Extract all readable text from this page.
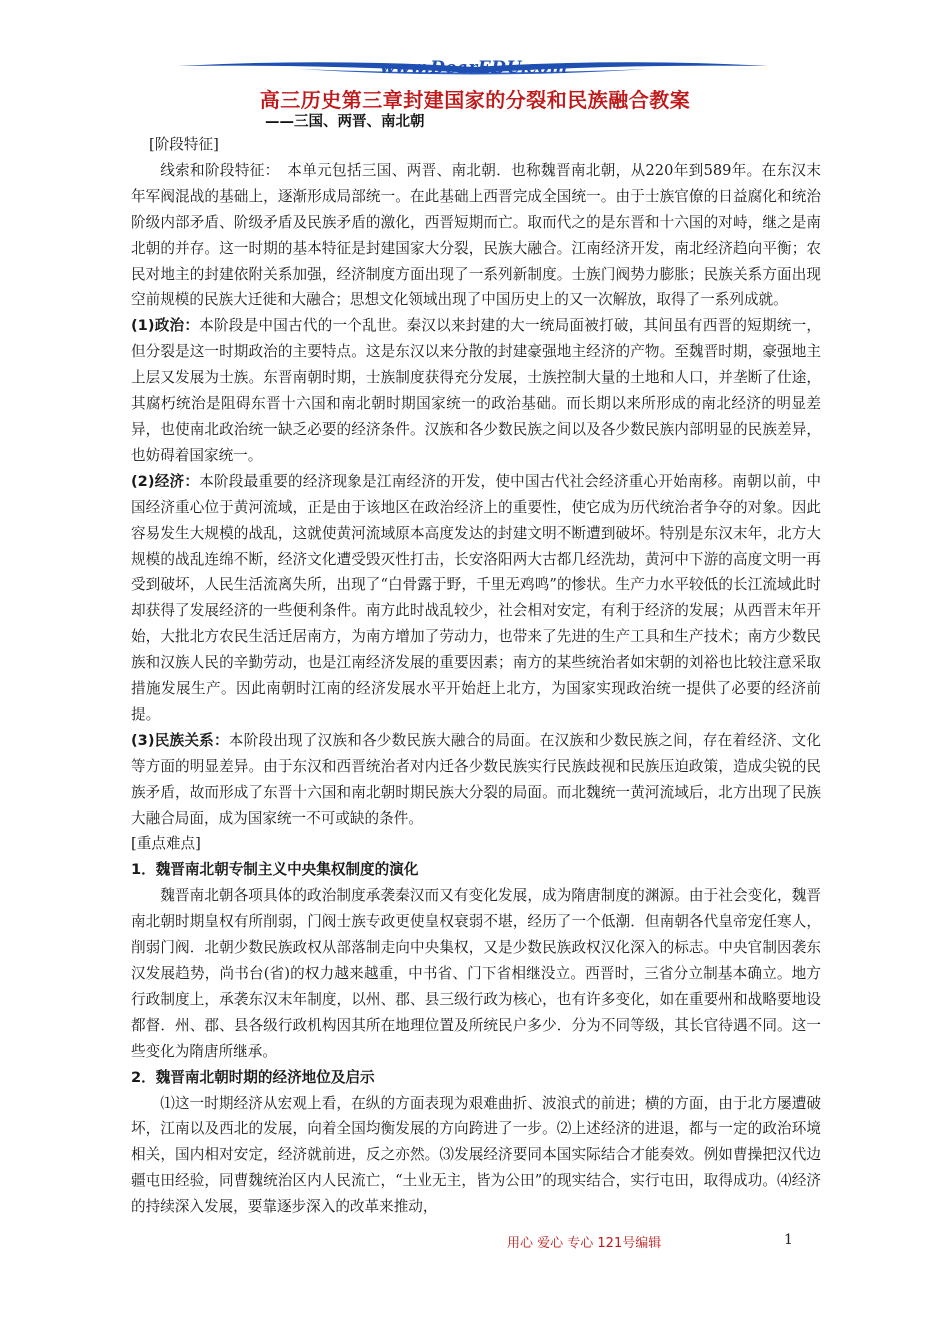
www.DearEDU.com
高三历史第三章封建国家的分裂和民族融合教案
——三国、两晋、南北朝

[阶段特征]

线索和阶段特征：　本单元包括三国、两晋、南北朝．也称魏晋南北朝，从220年到589年。在东汉末年军阀混战的基础上，逐渐形成局部统一。在此基础上西晋完成全国统一。由于士族官僚的日益腐化和统治阶级内部矛盾、阶级矛盾及民族矛盾的激化，西晋短期而亡。取而代之的是东晋和十六国的对峙，继之是南北朝的并存。这一时期的基本特征是封建国家大分裂，民族大融合。江南经济开发，南北经济趋向平衡；农民对地主的封建依附关系加强，经济制度方面出现了一系列新制度。士族门阀势力膨胀；民族关系方面出现空前规模的民族大迁徙和大融合；思想文化领域出现了中国历史上的又一次解放，取得了一系列成就。

(1)政治：本阶段是中国古代的一个乱世。秦汉以来封建的大一统局面被打破，其间虽有西晋的短期统一，但分裂是这一时期政治的主要特点。这是东汉以来分散的封建豪强地主经济的产物。至魏晋时期，豪强地主上层又发展为士族。东晋南朝时期，士族制度获得充分发展，士族控制大量的土地和人口，并垄断了仕途，其腐朽统治是阻碍东晋十六国和南北朝时期国家统一的政治基础。而长期以来所形成的南北经济的明显差异，也使南北政治统一缺乏必要的经济条件。汉族和各少数民族之间以及各少数民族内部明显的民族差异，也妨碍着国家统一。

(2)经济：本阶段最重要的经济现象是江南经济的开发，使中国古代社会经济重心开始南移。南朝以前，中国经济重心位于黄河流域，正是由于该地区在政治经济上的重要性，使它成为历代统治者争夺的对象。因此容易发生大规模的战乱，这就使黄河流域原本高度发达的封建文明不断遭到破坏。特别是东汉末年，北方大规模的战乱连绵不断，经济文化遭受毁灭性打击，长安洛阳两大古都几经洗劫，黄河中下游的高度文明一再受到破坏，人民生活流离失所，出现了“白骨露于野，千里无鸡鸣”的惨状。生产力水平较低的长江流域此时却获得了发展经济的一些便利条件。南方此时战乱较少，社会相对安定，有利于经济的发展；从西晋末年开始，大批北方农民生活迁居南方，为南方增加了劳动力，也带来了先进的生产工具和生产技术；南方少数民族和汉族人民的辛勤劳动，也是江南经济发展的重要因素；南方的某些统治者如宋朝的刘裕也比较注意采取措施发展生产。因此南朝时江南的经济发展水平开始赶上北方，为国家实现政治统一提供了必要的经济前提。

(3)民族关系：本阶段出现了汉族和各少数民族大融合的局面。在汉族和少数民族之间，存在着经济、文化等方面的明显差异。由于东汉和西晋统治者对内迁各少数民族实行民族歧视和民族压迫政策，造成尖锐的民族矛盾，故而形成了东晋十六国和南北朝时期民族大分裂的局面。而北魏统一黄河流域后，北方出现了民族大融合局面，成为国家统一不可或缺的条件。

[重点难点]

1．魏晋南北朝专制主义中央集权制度的演化

魏晋南北朝各项具体的政治制度承袭秦汉而又有变化发展，成为隋唐制度的渊源。由于社会变化，魏晋南北朝时期皇权有所削弱，门阀士族专政更使皇权衰弱不堪，经历了一个低潮．但南朝各代皇帝宠任寒人，削弱门阀．北朝少数民族政权从部落制走向中央集权，又是少数民族政权汉化深入的标志。中央官制因袭东汉发展趋势，尚书台(省)的权力越来越重，中书省、门下省相继没立。西晋时，三省分立制基本确立。地方行政制度上，承袭东汉末年制度，以州、郡、县三级行政为核心，也有许多变化，如在重要州和战略要地设都督．州、郡、县各级行政机构因其所在地理位置及所统民户多少．分为不同等级，其长官待遇不同。这一些变化为隋唐所继承。

2．魏晋南北朝时期的经济地位及启示

⑴这一时期经济从宏观上看，在纵的方面表现为艰难曲折、波浪式的前进；横的方面，由于北方屡遭破坏，江南以及西北的发展，向着全国均衡发展的方向跨进了一步。⑵上述经济的进退，都与一定的政治环境相关，国内相对安定，经济就前进，反之亦然。⑶发展经济要同本国实际结合才能奏效。例如曹操把汉代边疆屯田经验，同曹魏统治区内人民流亡，“土业无主，皆为公田”的现实结合，实行屯田，取得成功。⑷经济的持续深入发展，要靠逐步深入的改革来推动，

用心 爱心 专心 121号编辑	1
